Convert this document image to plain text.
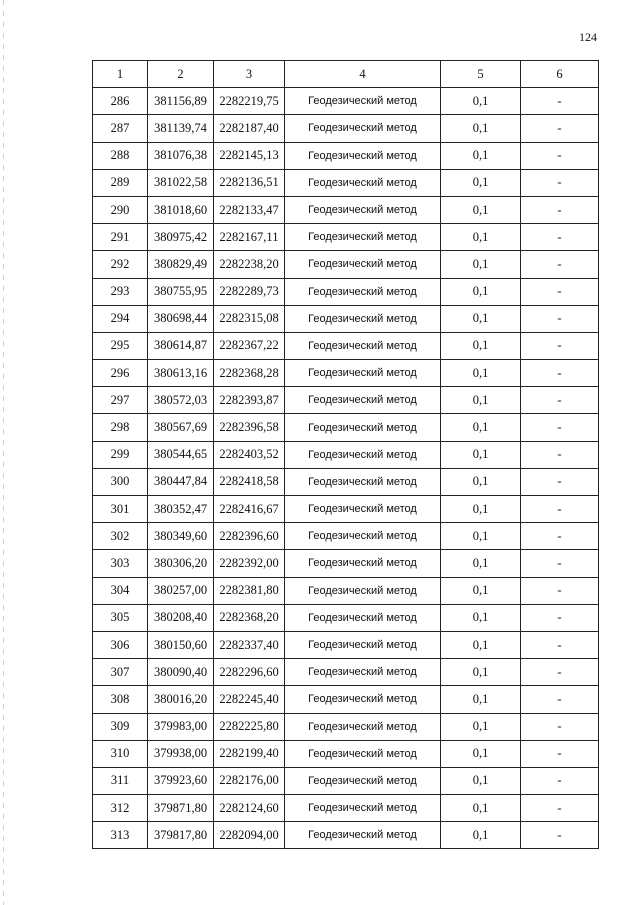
124
1	2	3	4	5	6
286	381156,89	2282219,75	Геодезический метод	0,1	-
287	381139,74	2282187,40	Геодезический метод	0,1	-
288	381076,38	2282145,13	Геодезический метод	0,1	-
289	381022,58	2282136,51	Геодезический метод	0,1	-
290	381018,60	2282133,47	Геодезический метод	0,1	-
291	380975,42	2282167,11	Геодезический метод	0,1	-
292	380829,49	2282238,20	Геодезический метод	0,1	-
293	380755,95	2282289,73	Геодезический метод	0,1	-
294	380698,44	2282315,08	Геодезический метод	0,1	-
295	380614,87	2282367,22	Геодезический метод	0,1	-
296	380613,16	2282368,28	Геодезический метод	0,1	-
297	380572,03	2282393,87	Геодезический метод	0,1	-
298	380567,69	2282396,58	Геодезический метод	0,1	-
299	380544,65	2282403,52	Геодезический метод	0,1	-
300	380447,84	2282418,58	Геодезический метод	0,1	-
301	380352,47	2282416,67	Геодезический метод	0,1	-
302	380349,60	2282396,60	Геодезический метод	0,1	-
303	380306,20	2282392,00	Геодезический метод	0,1	-
304	380257,00	2282381,80	Геодезический метод	0,1	-
305	380208,40	2282368,20	Геодезический метод	0,1	-
306	380150,60	2282337,40	Геодезический метод	0,1	-
307	380090,40	2282296,60	Геодезический метод	0,1	-
308	380016,20	2282245,40	Геодезический метод	0,1	-
309	379983,00	2282225,80	Геодезический метод	0,1	-
310	379938,00	2282199,40	Геодезический метод	0,1	-
311	379923,60	2282176,00	Геодезический метод	0,1	-
312	379871,80	2282124,60	Геодезический метод	0,1	-
313	379817,80	2282094,00	Геодезический метод	0,1	-
